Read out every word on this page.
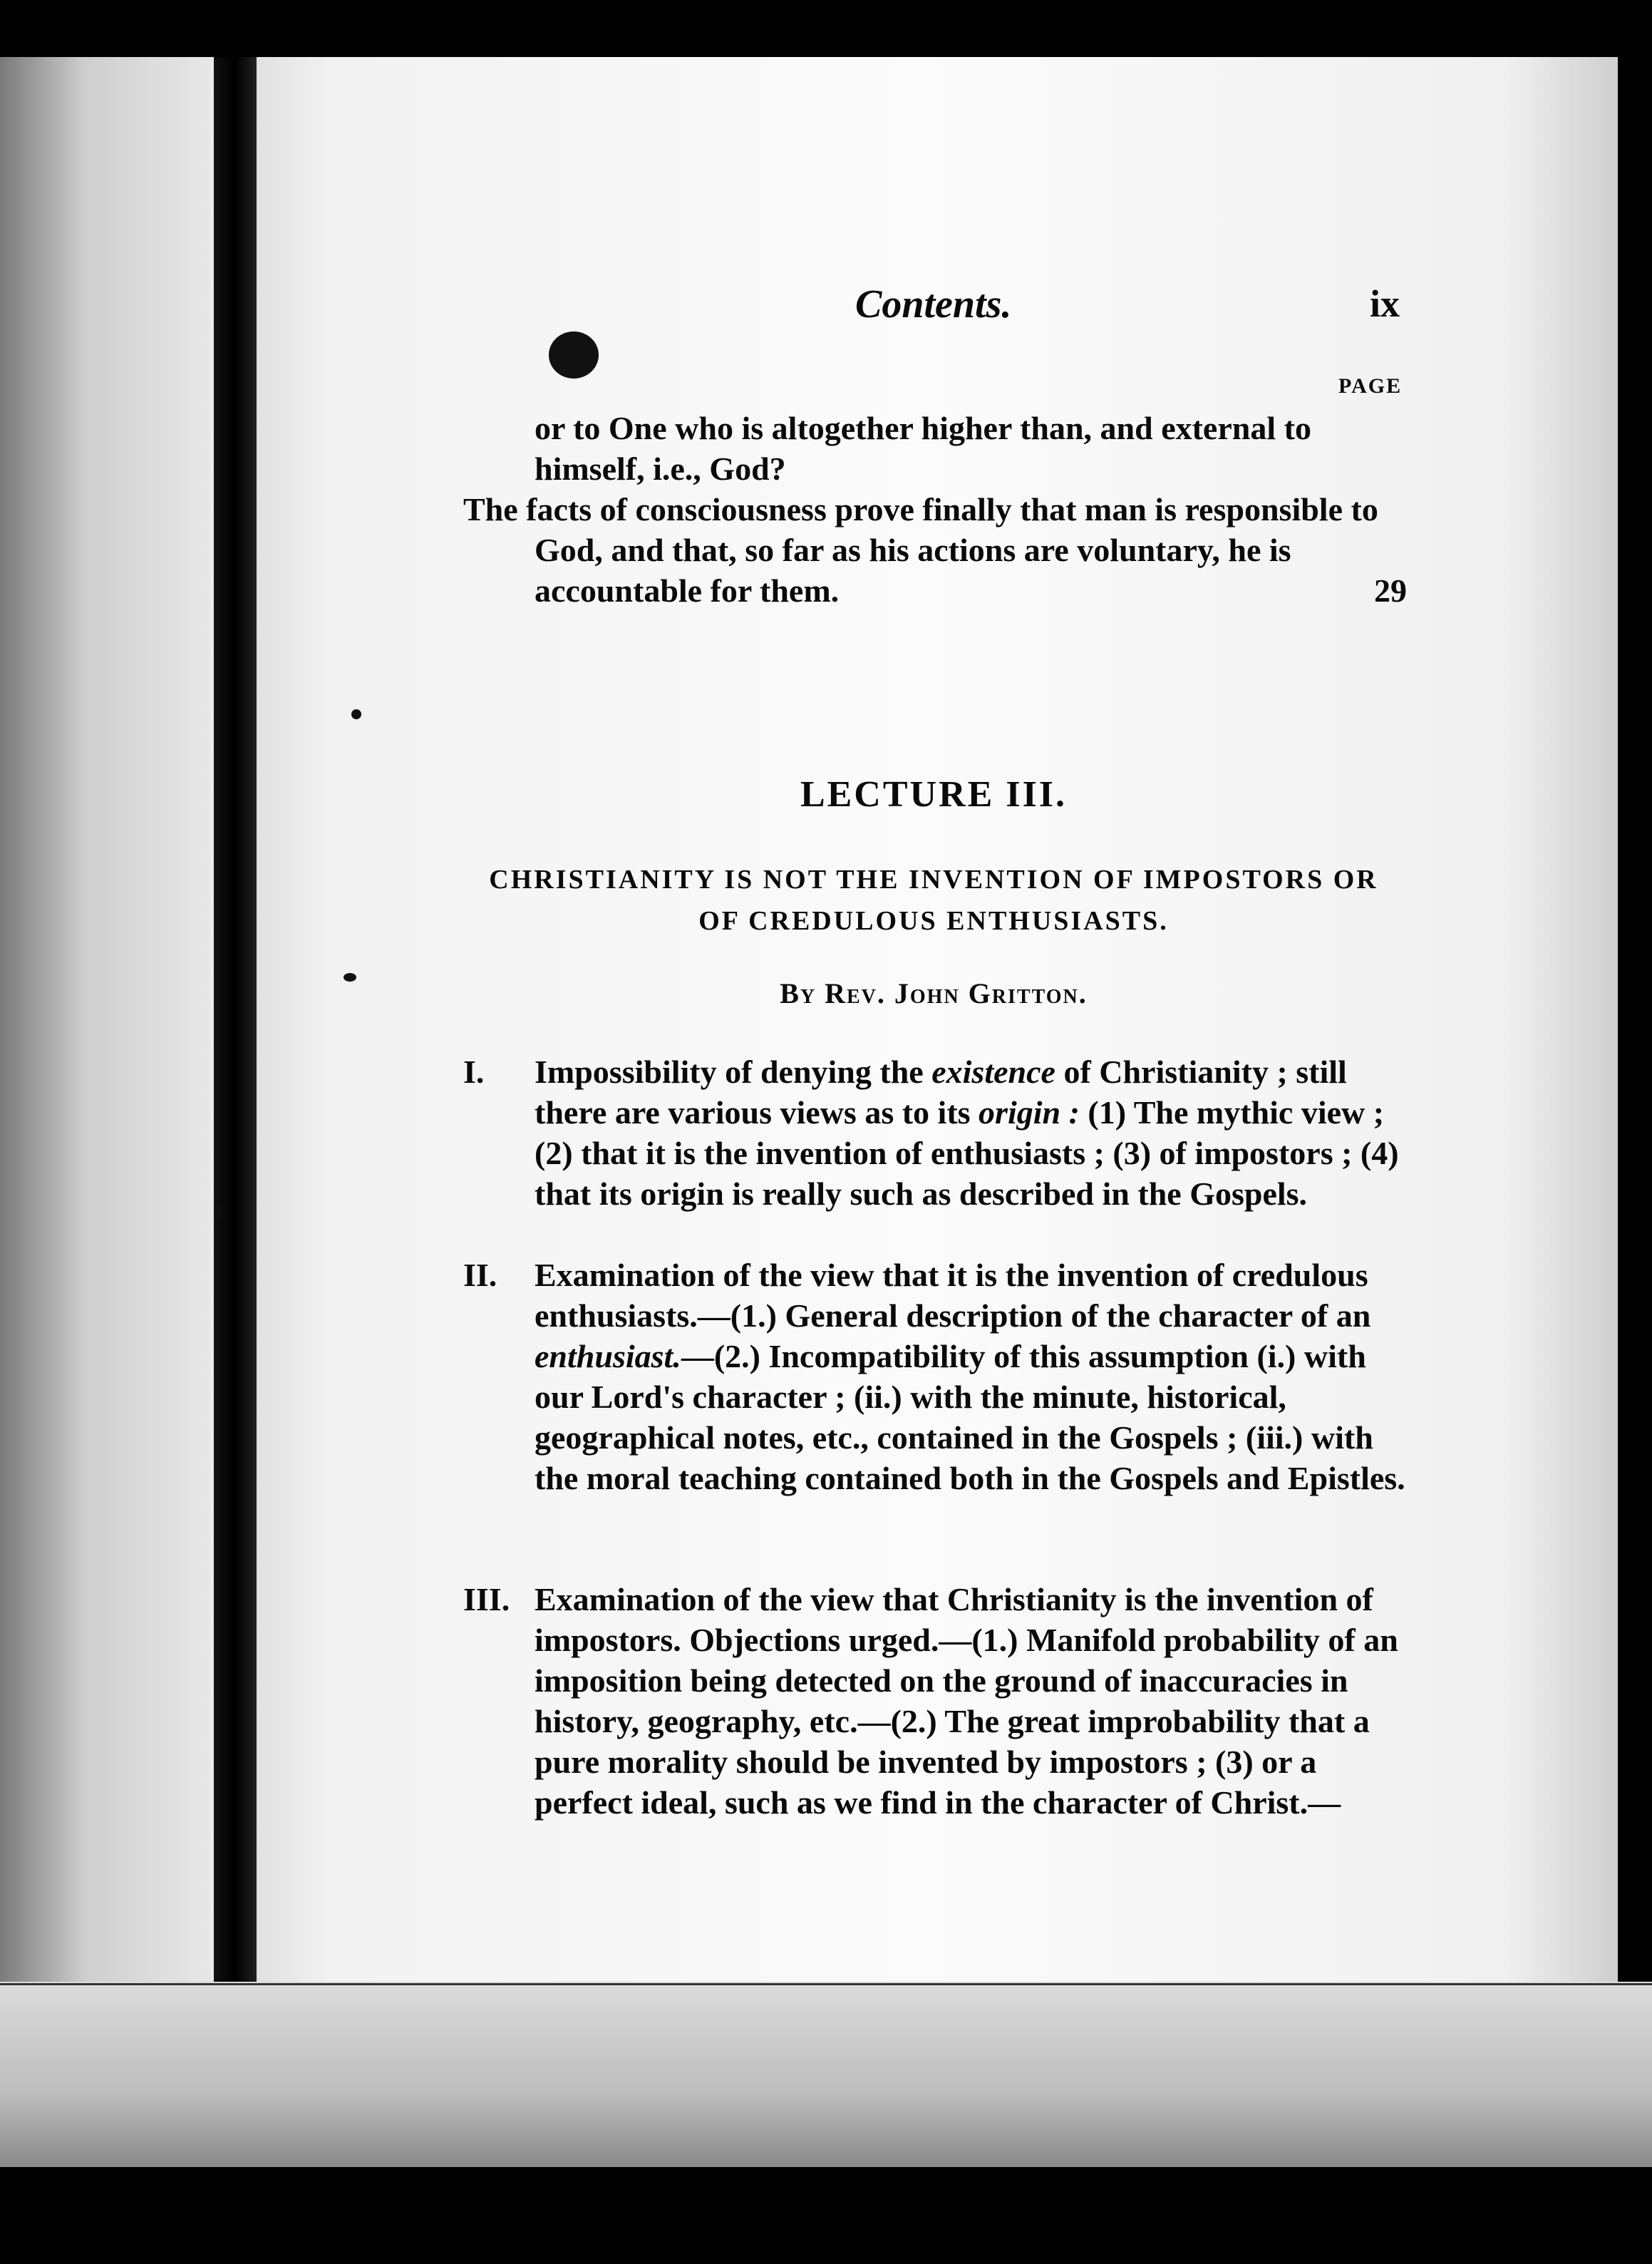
Contents.	ix
PAGE
or to One who is altogether higher than, and external to himself, i.e., God?
The facts of consciousness prove finally that man is responsible to God, and that, so far as his actions are voluntary, he is accountable for them.	29
LECTURE III.
CHRISTIANITY IS NOT THE INVENTION OF IMPOSTORS OR
OF CREDULOUS ENTHUSIASTS.
By Rev. John Gritton.
I. Impossibility of denying the existence of Christianity ; still there are various views as to its origin : (1) The mythic view ; (2) that it is the invention of enthusiasts ; (3) of impostors ; (4) that its origin is really such as described in the Gospels.
II. Examination of the view that it is the invention of credulous enthusiasts.—(1.) General description of the character of an enthusiast.—(2.) Incompatibility of this assumption (i.) with our Lord's character ; (ii.) with the minute, historical, geographical notes, etc., contained in the Gospels ; (iii.) with the moral teaching contained both in the Gospels and Epistles.
III. Examination of the view that Christianity is the invention of impostors. Objections urged.—(1.) Manifold probability of an imposition being detected on the ground of inaccuracies in history, geography, etc.—(2.) The great improbability that a pure morality should be invented by impostors ; (3) or a perfect ideal, such as we find in the character of Christ.—
